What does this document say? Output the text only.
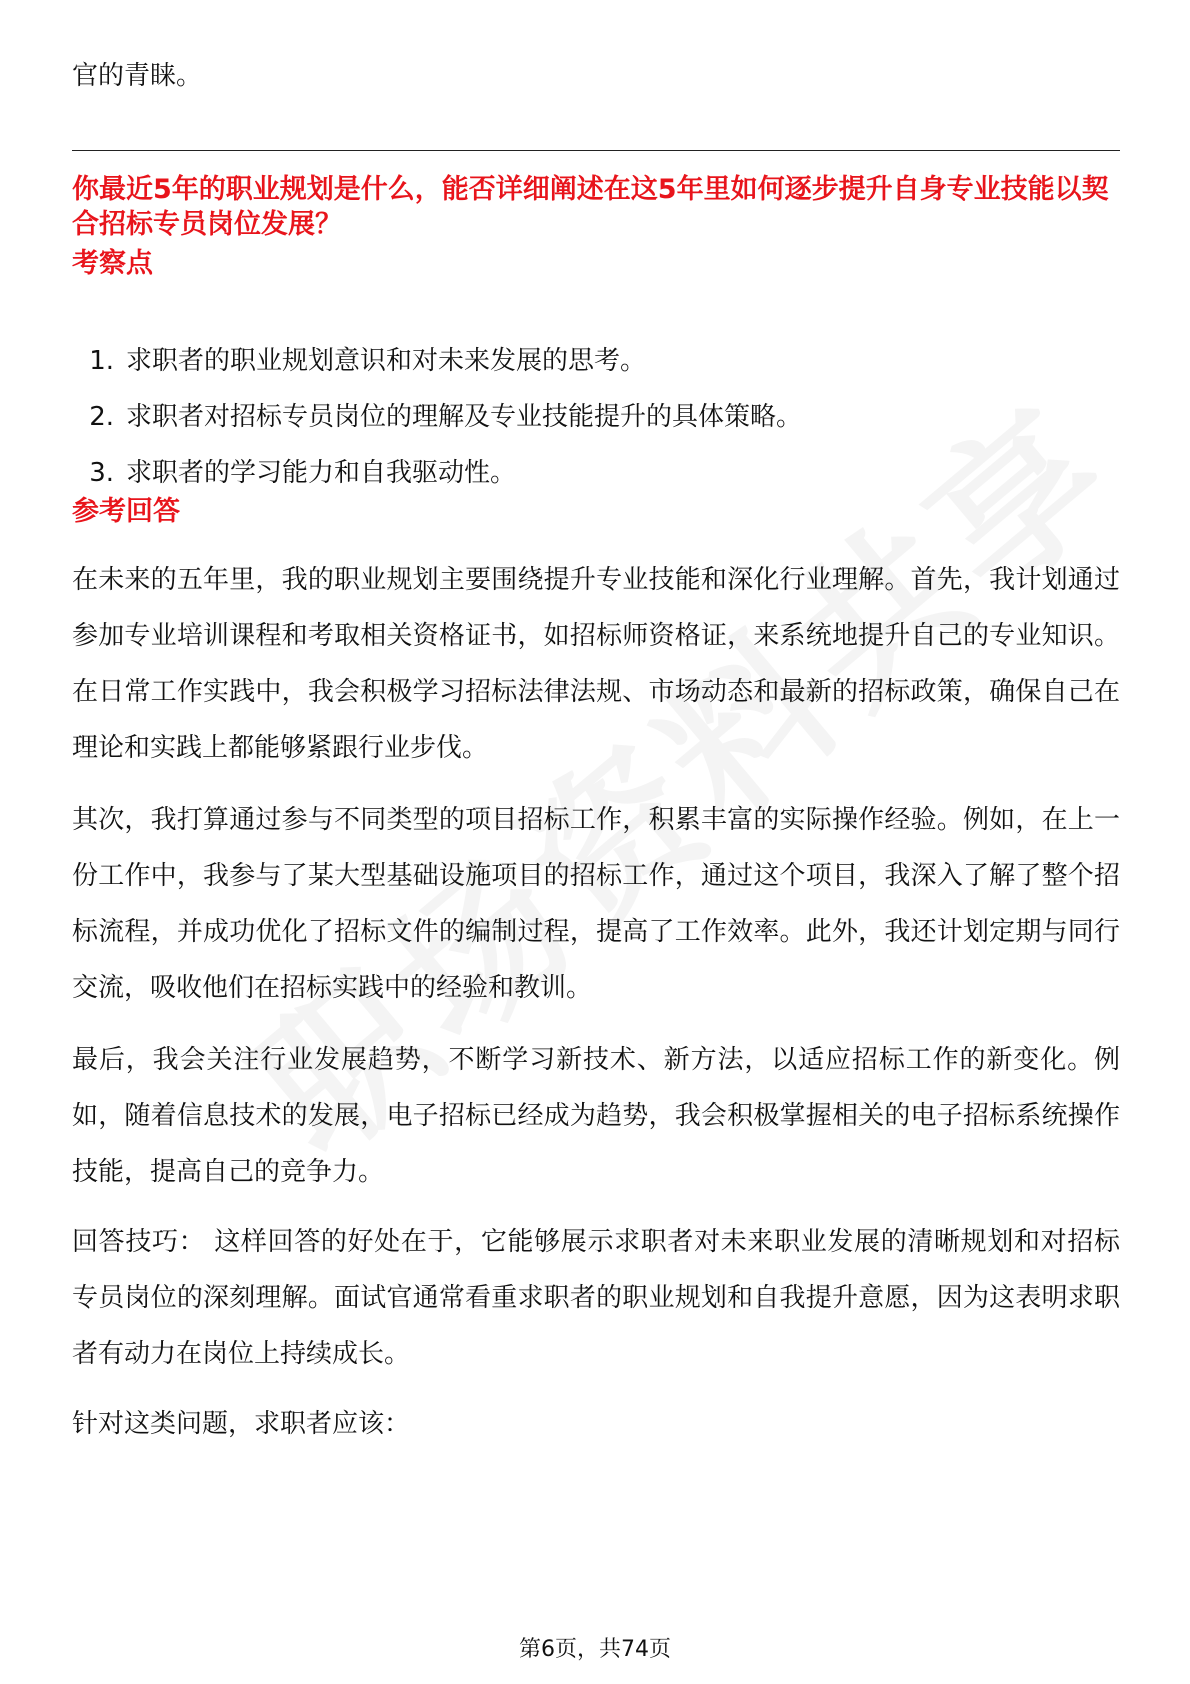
官的青睐。

你最近5年的职业规划是什么，能否详细阐述在这5年里如何逐步提升自身专业技能以契合招标专员岗位发展？

考察点

1. 求职者的职业规划意识和对未来发展的思考。
2. 求职者对招标专员岗位的理解及专业技能提升的具体策略。
3. 求职者的学习能力和自我驱动性。

参考回答

在未来的五年里，我的职业规划主要围绕提升专业技能和深化行业理解。首先，我计划通过参加专业培训课程和考取相关资格证书，如招标师资格证，来系统地提升自己的专业知识。在日常工作实践中，我会积极学习招标法律法规、市场动态和最新的招标政策，确保自己在理论和实践上都能够紧跟行业步伐。

其次，我打算通过参与不同类型的项目招标工作，积累丰富的实际操作经验。例如，在上一份工作中，我参与了某大型基础设施项目的招标工作，通过这个项目，我深入了解了整个招标流程，并成功优化了招标文件的编制过程，提高了工作效率。此外，我还计划定期与同行交流，吸收他们在招标实践中的经验和教训。

最后，我会关注行业发展趋势，不断学习新技术、新方法，以适应招标工作的新变化。例如，随着信息技术的发展，电子招标已经成为趋势，我会积极掌握相关的电子招标系统操作技能，提高自己的竞争力。

回答技巧： 这样回答的好处在于，它能够展示求职者对未来职业发展的清晰规划和对招标专员岗位的深刻理解。面试官通常看重求职者的职业规划和自我提升意愿，因为这表明求职者有动力在岗位上持续成长。

针对这类问题，求职者应该：

第6页，共74页
